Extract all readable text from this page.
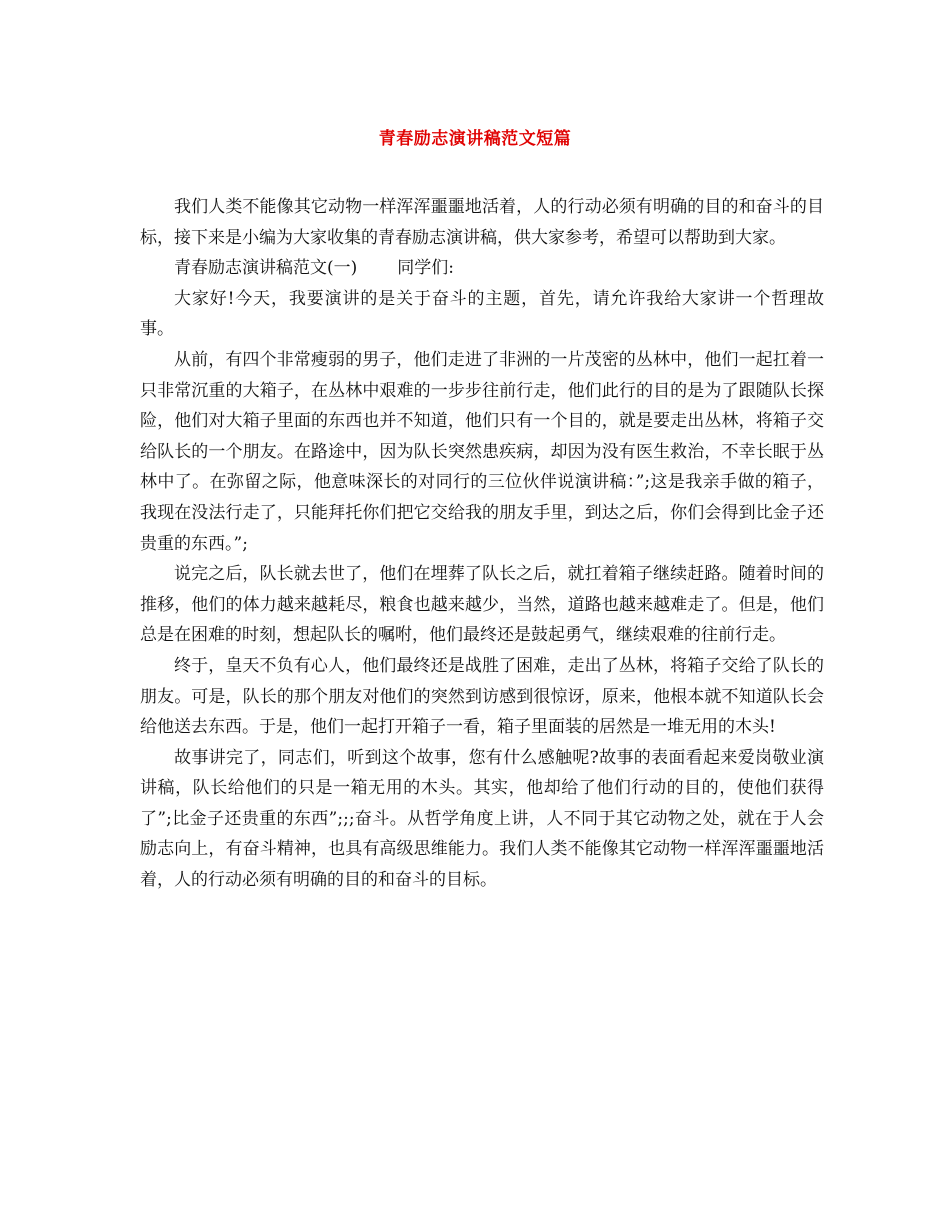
青春励志演讲稿范文短篇

我们人类不能像其它动物一样浑浑噩噩地活着，人的行动必须有明确的目的和奋斗的目标，接下来是小编为大家收集的青春励志演讲稿，供大家参考，希望可以帮助到大家。

青春励志演讲稿范文(一) 同学们:

大家好!今天，我要演讲的是关于奋斗的主题，首先，请允许我给大家讲一个哲理故事。

从前，有四个非常瘦弱的男子，他们走进了非洲的一片茂密的丛林中，他们一起扛着一只非常沉重的大箱子，在丛林中艰难的一步步往前行走，他们此行的目的是为了跟随队长探险，他们对大箱子里面的东西也并不知道，他们只有一个目的，就是要走出丛林，将箱子交给队长的一个朋友。在路途中，因为队长突然患疾病，却因为没有医生救治，不幸长眠于丛林中了。在弥留之际，他意味深长的对同行的三位伙伴说演讲稿：”;这是我亲手做的箱子，我现在没法行走了，只能拜托你们把它交给我的朋友手里，到达之后，你们会得到比金子还贵重的东西。”;

说完之后，队长就去世了，他们在埋葬了队长之后，就扛着箱子继续赶路。随着时间的推移，他们的体力越来越耗尽，粮食也越来越少，当然，道路也越来越难走了。但是，他们总是在困难的时刻，想起队长的嘱咐，他们最终还是鼓起勇气，继续艰难的往前行走。

终于，皇天不负有心人，他们最终还是战胜了困难，走出了丛林，将箱子交给了队长的朋友。可是，队长的那个朋友对他们的突然到访感到很惊讶，原来，他根本就不知道队长会给他送去东西。于是，他们一起打开箱子一看，箱子里面装的居然是一堆无用的木头!

故事讲完了，同志们，听到这个故事，您有什么感触呢?故事的表面看起来爱岗敬业演讲稿，队长给他们的只是一箱无用的木头。其实，他却给了他们行动的目的，使他们获得了”;比金子还贵重的东西”;;;奋斗。从哲学角度上讲，人不同于其它动物之处，就在于人会励志向上，有奋斗精神，也具有高级思维能力。我们人类不能像其它动物一样浑浑噩噩地活着，人的行动必须有明确的目的和奋斗的目标。
